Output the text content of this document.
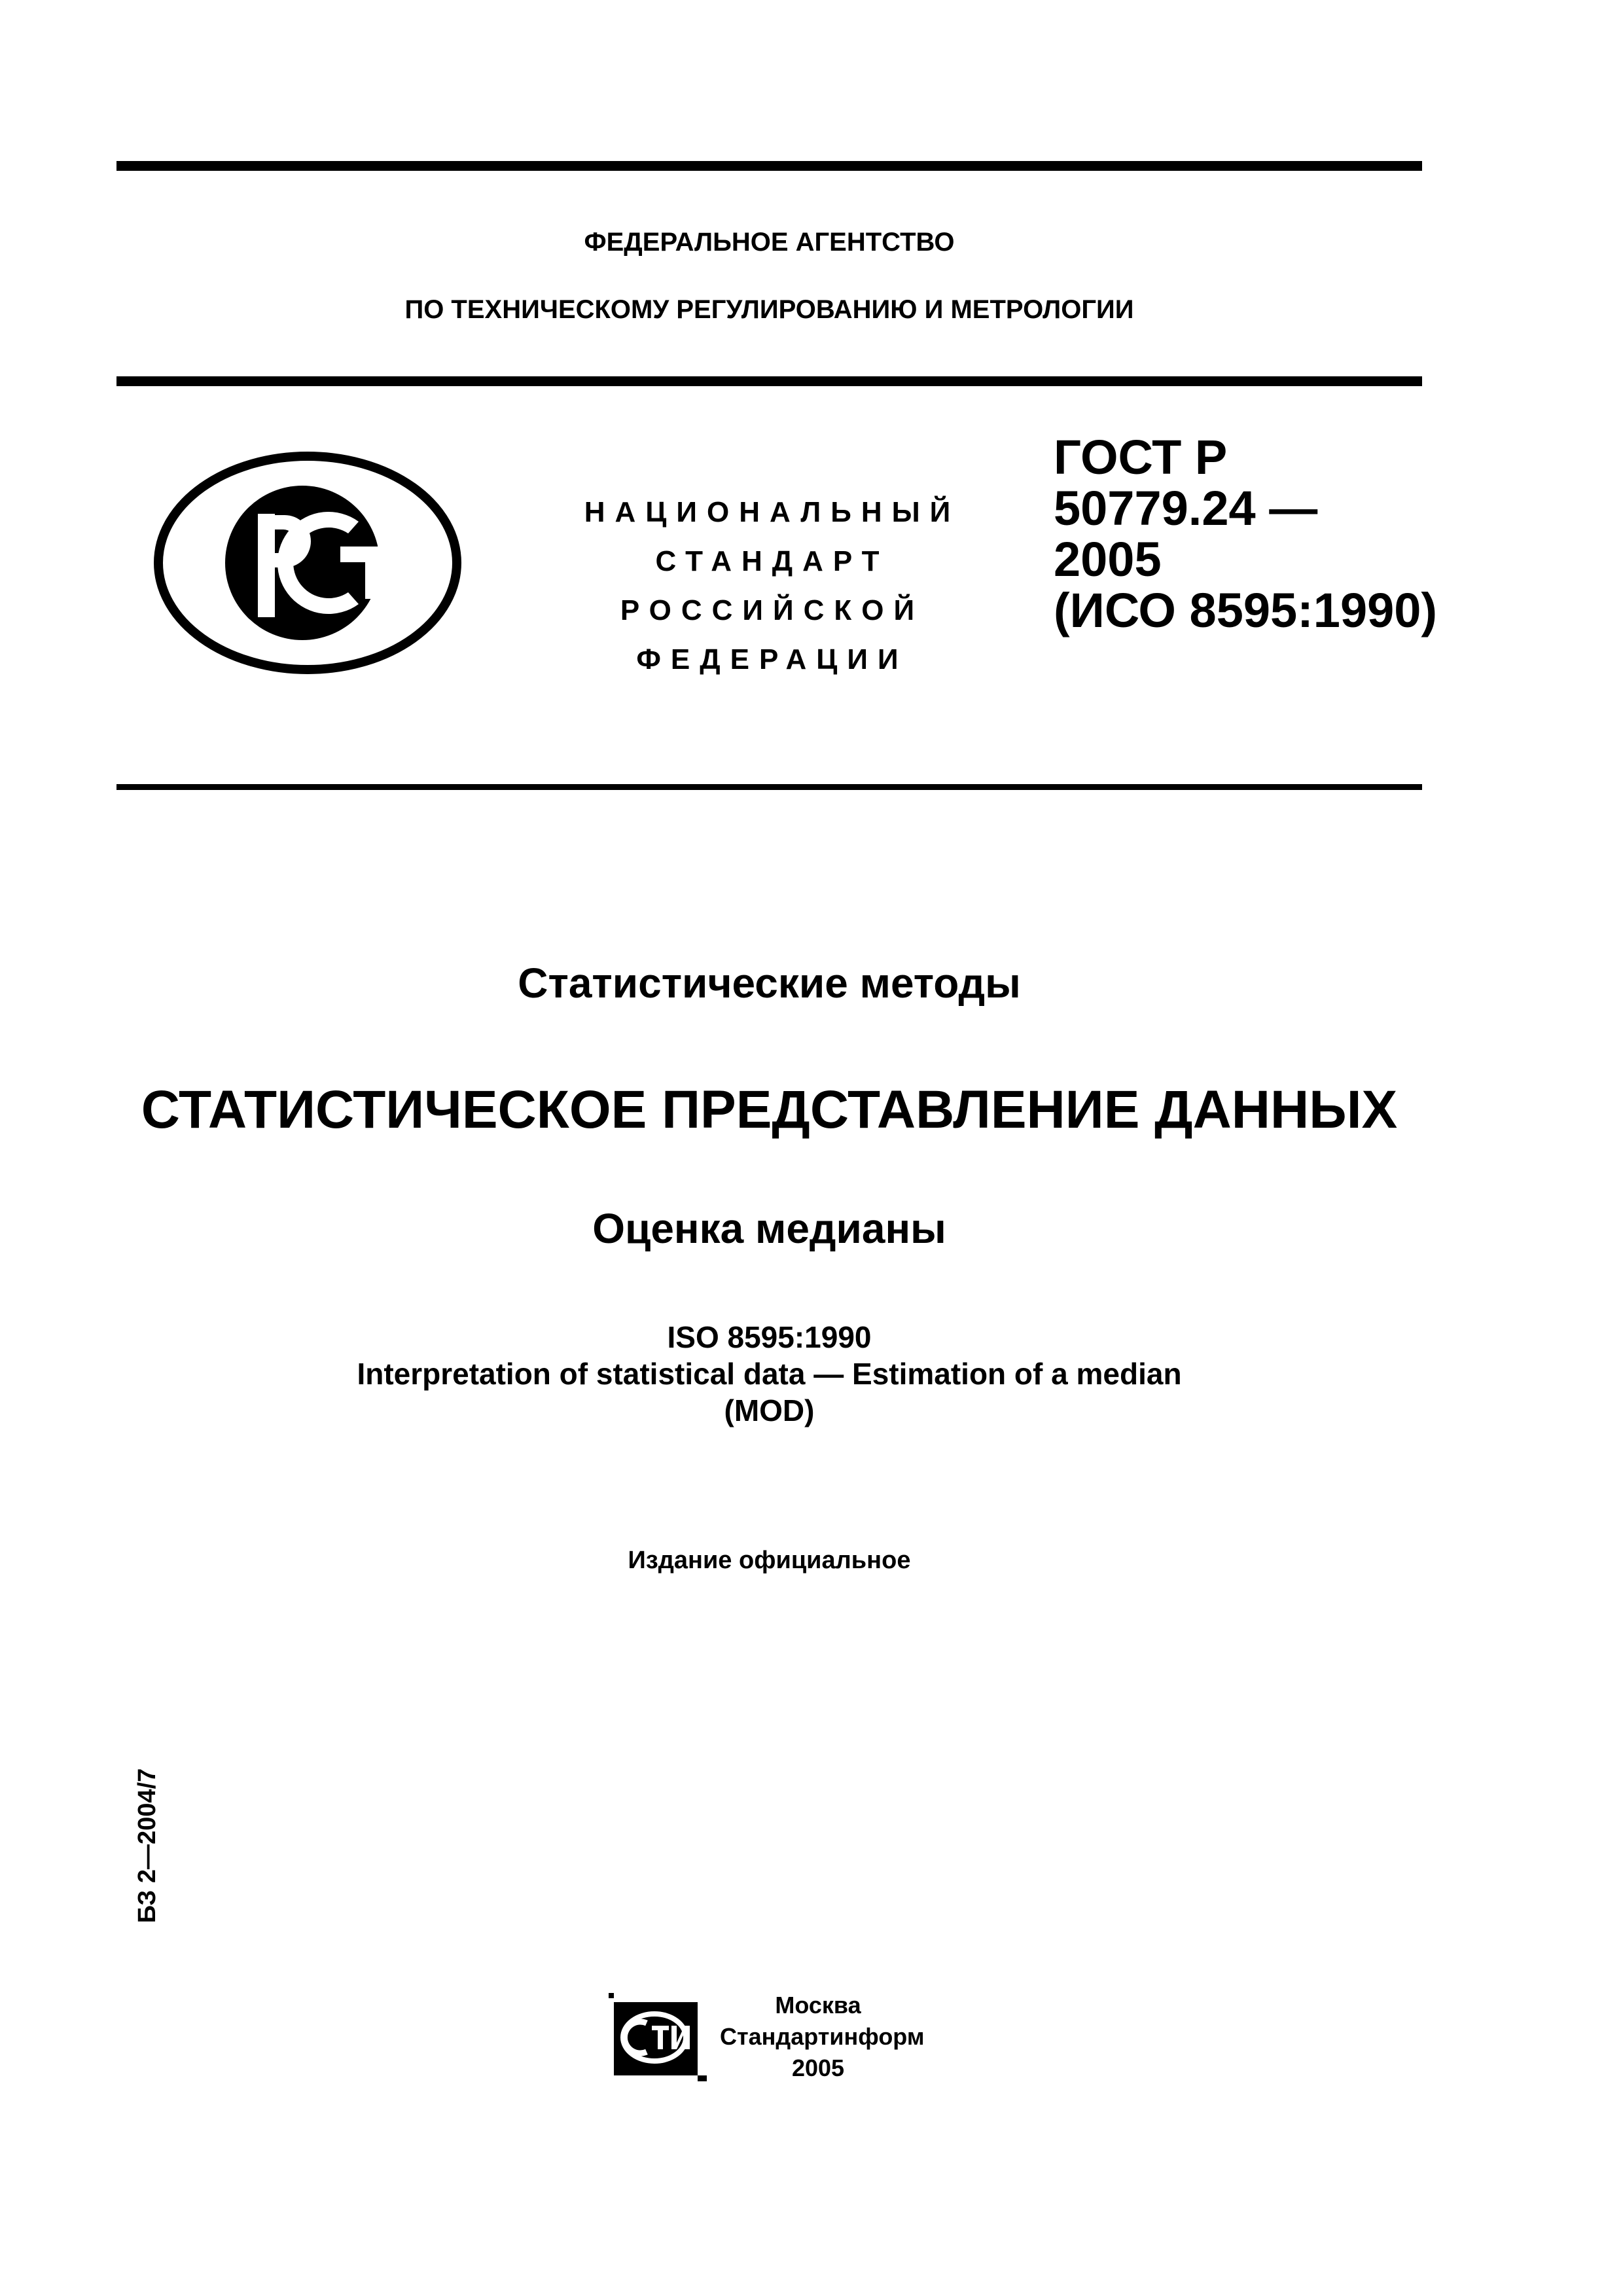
ФЕДЕРАЛЬНОЕ АГЕНТСТВО
ПО ТЕХНИЧЕСКОМУ РЕГУЛИРОВАНИЮ И МЕТРОЛОГИИ
НАЦИОНАЛЬНЫЙ
СТАНДАРТ
РОССИЙСКОЙ
ФЕДЕРАЦИИ
ГОСТ Р
50779.24 —
2005
(ИСО 8595:1990)
Статистические методы
СТАТИСТИЧЕСКОЕ ПРЕДСТАВЛЕНИЕ ДАННЫХ
Оценка медианы
ISO 8595:1990
Interpretation of statistical data — Estimation of a median
(MOD)
Издание официальное
БЗ 2—2004/7
Москва
Стандартинформ
2005
